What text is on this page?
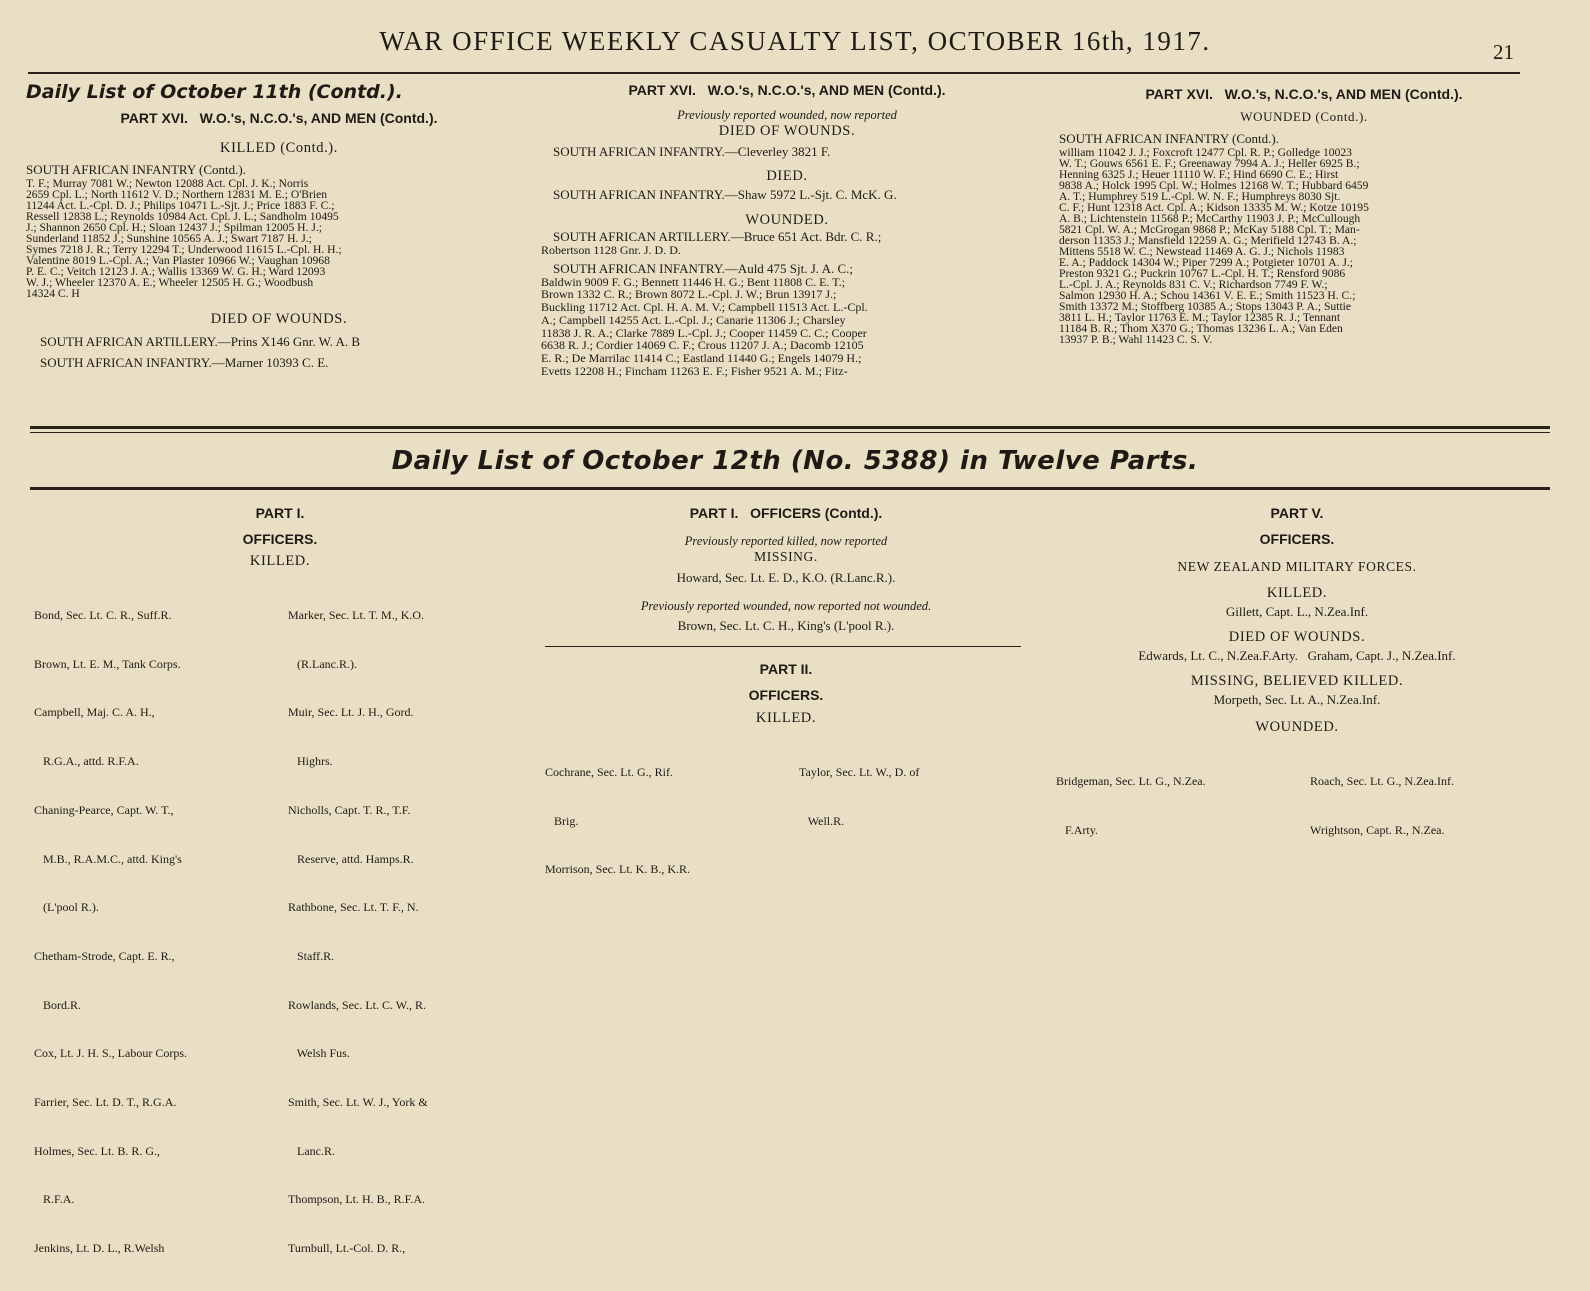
WAR OFFICE WEEKLY CASUALTY LIST, OCTOBER 16th, 1917.	21
Daily List of October 11th (Contd.).
PART XVI.   W.O.'s, N.C.O.'s, AND MEN (Contd.).
KILLED (Contd.).
SOUTH AFRICAN INFANTRY (Contd.).
T. F.; Murray 7081 W.; Newton 12088 Act. Cpl. J. K.; Norris
2659 Cpl. L.; North 11612 V. D.; Northern 12831 M. E.; O'Brien
11244 Act. L.-Cpl. D. J.; Philips 10471 L.-Sjt. J.; Price 1883 F. C.;
Ressell 12838 L.; Reynolds 10984 Act. Cpl. J. L.; Sandholm 10495
J.; Shannon 2650 Cpl. H.; Sloan 12437 J.; Spilman 12005 H. J.;
Sunderland 11852 J.; Sunshine 10565 A. J.; Swart 7187 H. J.;
Symes 7218 J. R.; Terry 12294 T.; Underwood 11615 L.-Cpl. H. H.;
Valentine 8019 L.-Cpl. A.; Van Plaster 10966 W.; Vaughan 10968
P. E. C.; Veitch 12123 J. A.; Wallis 13369 W. G. H.; Ward 12093
W. J.; Wheeler 12370 A. E.; Wheeler 12505 H. G.; Woodbush
14324 C. H
DIED OF WOUNDS.
SOUTH AFRICAN ARTILLERY.—Prins X146 Gnr. W. A. B
SOUTH AFRICAN INFANTRY.—Marner 10393 C. E.
PART XVI.   W.O.'s, N.C.O.'s, AND MEN (Contd.).
Previously reported wounded, now reported
DIED OF WOUNDS.
SOUTH AFRICAN INFANTRY.—Cleverley 3821 F.
DIED.
SOUTH AFRICAN INFANTRY.—Shaw 5972 L.-Sjt. C. McK. G.
WOUNDED.
SOUTH AFRICAN ARTILLERY.—Bruce 651 Act. Bdr. C. R.;
Robertson 1128 Gnr. J. D. D.
SOUTH AFRICAN INFANTRY.—Auld 475 Sjt. J. A. C.;
Baldwin 9009 F. G.; Bennett 11446 H. G.; Bent 11808 C. E. T.;
Brown 1332 C. R.; Brown 8072 L.-Cpl. J. W.; Brun 13917 J.;
Buckling 11712 Act. Cpl. H. A. M. V.; Campbell 11513 Act. L.-Cpl.
A.; Campbell 14255 Act. L.-Cpl. J.; Canarie 11306 J.; Charsley
11838 J. R. A.; Clarke 7889 L.-Cpl. J.; Cooper 11459 C. C.; Cooper
6638 R. J.; Cordier 14069 C. F.; Crous 11207 J. A.; Dacomb 12105
E. R.; De Marrilac 11414 C.; Eastland 11440 G.; Engels 14079 H.;
Evetts 12208 H.; Fincham 11263 E. F.; Fisher 9521 A. M.; Fitz-
PART XVI.   W.O.'s, N.C.O.'s, AND MEN (Contd.).
WOUNDED (Contd.).
SOUTH AFRICAN INFANTRY (Contd.).
william 11042 J. J.; Foxcroft 12477 Cpl. R. P.; Golledge 10023
W. T.; Gouws 6561 E. F.; Greenaway 7994 A. J.; Heller 6925 B.;
Henning 6325 J.; Heuer 11110 W. F.; Hind 6690 C. E.; Hirst
9838 A.; Holck 1995 Cpl. W.; Holmes 12168 W. T.; Hubbard 6459
A. T.; Humphrey 519 L.-Cpl. W. N. F.; Humphreys 8030 Sjt.
C. F.; Hunt 12318 Act. Cpl. A.; Kidson 13335 M. W.; Kotze 10195
A. B.; Lichtenstein 11568 P.; McCarthy 11903 J. P.; McCullough
5821 Cpl. W. A.; McGrogan 9868 P.; McKay 5188 Cpl. T.; Man-
derson 11353 J.; Mansfield 12259 A. G.; Merifield 12743 B. A.;
Mittens 5518 W. C.; Newstead 11469 A. G. J.; Nichols 11983
E. A.; Paddock 14304 W.; Piper 7299 A.; Potgieter 10701 A. J.;
Preston 9321 G.; Puckrin 10767 L.-Cpl. H. T.; Rensford 9086
L.-Cpl. J. A.; Reynolds 831 C. V.; Richardson 7749 F. W.;
Salmon 12930 H. A.; Schou 14361 V. E. E.; Smith 11523 H. C.;
Smith 13372 M.; Stoffberg 10385 A.; Stops 13043 P. A.; Suttie
3811 L. H.; Taylor 11763 E. M.; Taylor 12385 R. J.; Tennant
11184 B. R.; Thom X370 G.; Thomas 13236 L. A.; Van Eden
13937 P. B.; Wahl 11423 C. S. V.
Daily List of October 12th (No. 5388) in Twelve Parts.
PART I.
OFFICERS.
KILLED.

Bond, Sec. Lt. C. R., Suff.R.

Brown, Lt. E. M., Tank Corps.

Campbell, Maj. C. A. H.,

R.G.A., attd. R.F.A.

Chaning-Pearce, Capt. W. T.,

M.B., R.A.M.C., attd. King's

(L'pool R.).

Chetham-Strode, Capt. E. R.,

Bord.R.

Cox, Lt. J. H. S., Labour Corps.

Farrier, Sec. Lt. D. T., R.G.A.

Holmes, Sec. Lt. B. R. G.,

R.F.A.

Jenkins, Lt. D. L., R.Welsh

Marker, Sec. Lt. T. M., K.O.

(R.Lanc.R.).

Muir, Sec. Lt. J. H., Gord.

Highrs.

Nicholls, Capt. T. R., T.F.

Reserve, attd. Hamps.R.

Rathbone, Sec. Lt. T. F., N.

Staff.R.

Rowlands, Sec. Lt. C. W., R.

Welsh Fus.

Smith, Sec. Lt. W. J., York &

Lanc.R.

Thompson, Lt. H. B., R.F.A.

Turnbull, Lt.-Col. D. R.,

PART I.   OFFICERS (Contd.).
Previously reported killed, now reported
MISSING.
Howard, Sec. Lt. E. D., K.O. (R.Lanc.R.).
Previously reported wounded, now reported not wounded.
Brown, Sec. Lt. C. H., King's (L'pool R.).
PART II.
OFFICERS.
KILLED.

Cochrane, Sec. Lt. G., Rif.

Brig.

Morrison, Sec. Lt. K. B., K.R.

Taylor, Sec. Lt. W., D. of

Well.R.

PART V.
OFFICERS.
NEW ZEALAND MILITARY FORCES.
KILLED.
Gillett, Capt. L., N.Zea.Inf.
DIED OF WOUNDS.
Edwards, Lt. C., N.Zea.F.Arty.   Graham, Capt. J., N.Zea.Inf.
MISSING, BELIEVED KILLED.
Morpeth, Sec. Lt. A., N.Zea.Inf.
WOUNDED.

Bridgeman, Sec. Lt. G., N.Zea.

F.Arty.

Roach, Sec. Lt. G., N.Zea.Inf.

Wrightson, Capt. R., N.Zea.
